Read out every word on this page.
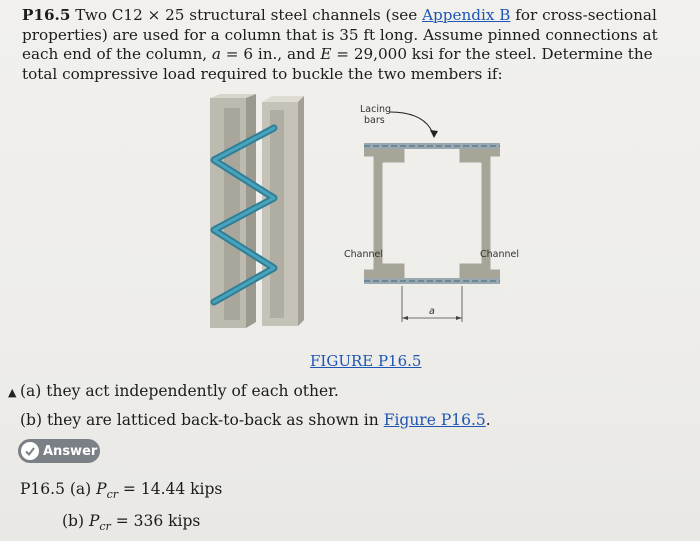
P16.5 Two C12 × 25 structural steel channels (see Appendix B for cross-sectional properties) are used for a column that is 35 ft long. Assume pinned connections at each end of the column, a = 6 in., and E = 29,000 ksi for the steel. Determine the total compressive load required to buckle the two members if:
Lacing
bars
Channel	Channel
a
FIGURE P16.5
▲ (a) they act independently of each other.
(b) they are latticed back-to-back as shown in Figure P16.5.
Answer
P16.5 (a) $P_{cr} = 14.44$ kips
(b) $P_{cr} = 336$ kips
